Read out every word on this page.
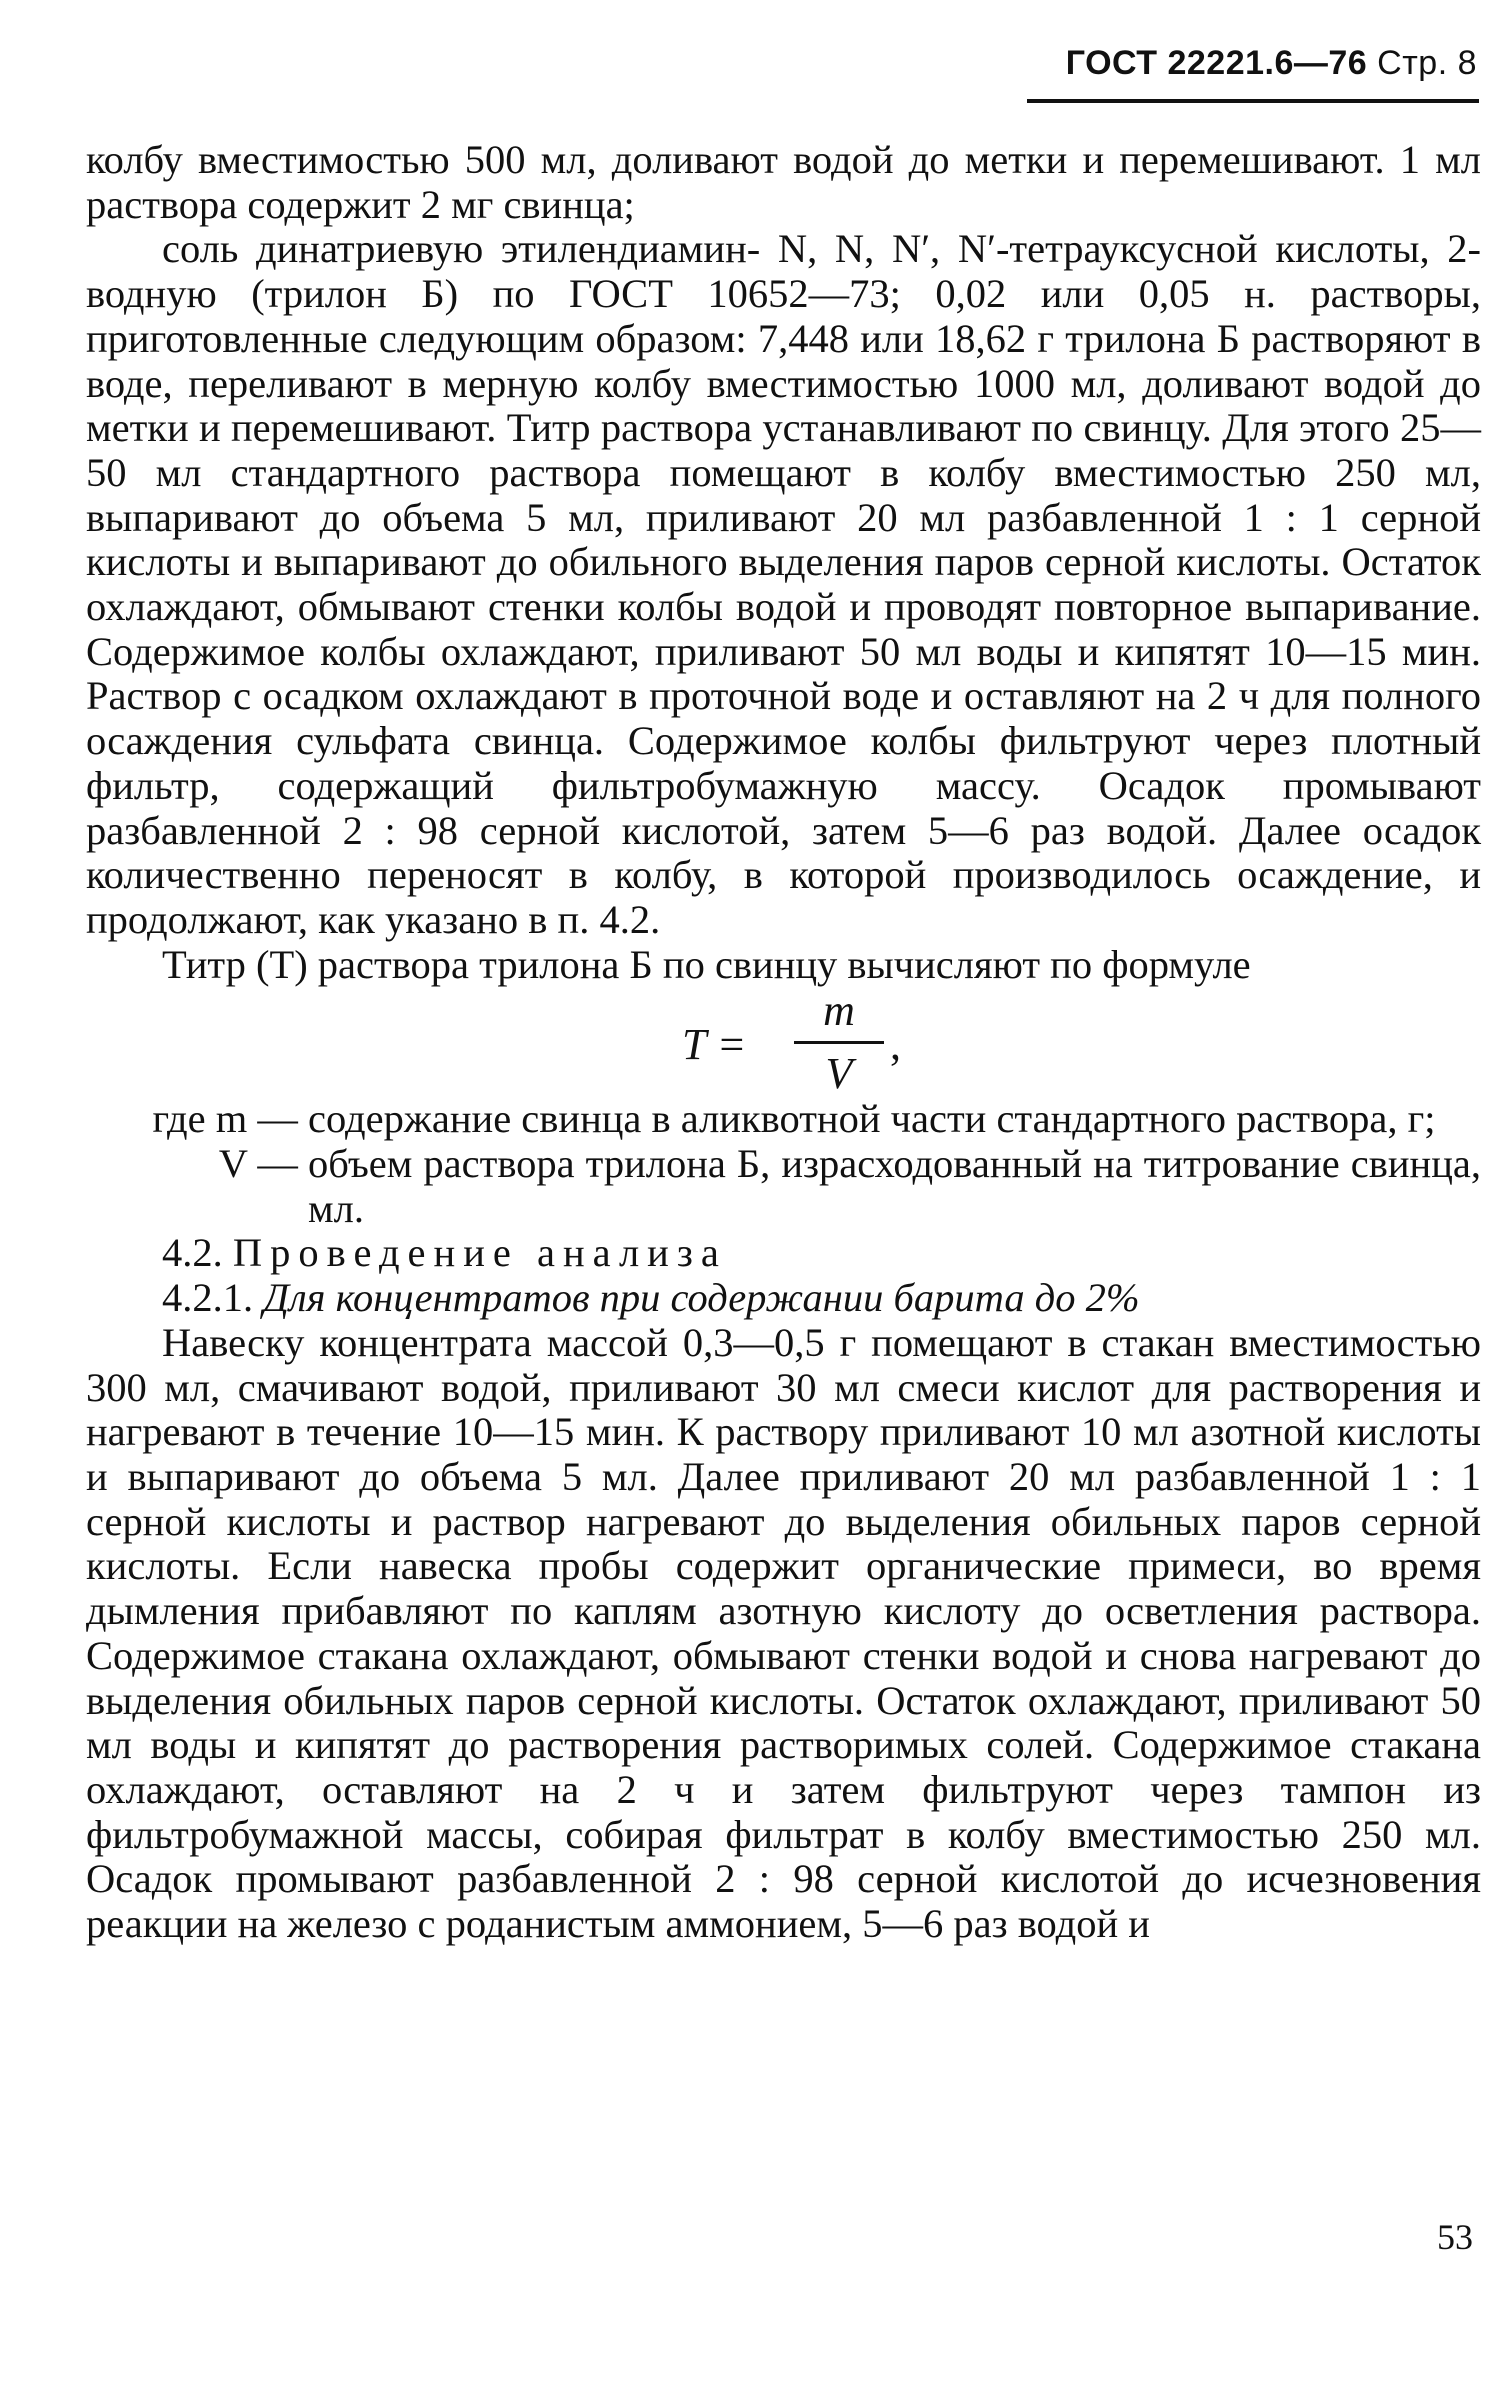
ГОСТ 22221.6—76 Стр. 8

колбу вместимостью 500 мл, доливают водой до метки и перемешивают. 1 мл раствора содержит 2 мг свинца;

соль динатриевую этилендиамин- N, N, N′, N′-тетрауксусной кислоты, 2-водную (трилон Б) по ГОСТ 10652—73; 0,02 или 0,05 н. растворы, приготовленные следующим образом: 7,448 или 18,62 г трилона Б растворяют в воде, переливают в мерную колбу вместимостью 1000 мл, доливают водой до метки и перемешивают. Титр раствора устанавливают по свинцу. Для этого 25—50 мл стандартного раствора помещают в колбу вместимостью 250 мл, выпаривают до объема 5 мл, приливают 20 мл разбавленной 1 : 1 серной кислоты и выпаривают до обильного выделения паров серной кислоты. Остаток охлаждают, обмывают стенки колбы водой и проводят повторное выпаривание. Содержимое колбы охлаждают, приливают 50 мл воды и кипятят 10—15 мин. Раствор с осадком охлаждают в проточной воде и оставляют на 2 ч для полного осаждения сульфата свинца. Содержимое колбы фильтруют через плотный фильтр, содержащий фильтробумажную массу. Осадок промывают разбавленной 2 : 98 серной кислотой, затем 5—6 раз водой. Далее осадок количественно переносят в колбу, в которой производилось осаждение, и продолжают, как указано в п. 4.2.

Титр (T) раствора трилона Б по свинцу вычисляют по формуле

T =
m
V
,
где m — содержание свинца в аликвотной части стандартного раствора, г;
V — объем раствора трилона Б, израсходованный на титрование свинца, мл.

4.2. Проведение анализа

4.2.1. Для концентратов при содержании барита до 2%

Навеску концентрата массой 0,3—0,5 г помещают в стакан вместимостью 300 мл, смачивают водой, приливают 30 мл смеси кислот для растворения и нагревают в течение 10—15 мин. К раствору приливают 10 мл азотной кислоты и выпаривают до объема 5 мл. Далее приливают 20 мл разбавленной 1 : 1 серной кислоты и раствор нагревают до выделения обильных паров серной кислоты. Если навеска пробы содержит органические примеси, во время дымления прибавляют по каплям азотную кислоту до осветления раствора. Содержимое стакана охлаждают, обмывают стенки водой и снова нагревают до выделения обильных паров серной кислоты. Остаток охлаждают, приливают 50 мл воды и кипятят до растворения растворимых солей. Содержимое стакана охлаждают, оставляют на 2 ч и затем фильтруют через тампон из фильтробумажной массы, собирая фильтрат в колбу вместимостью 250 мл. Осадок промывают разбавленной 2 : 98 серной кислотой до исчезновения реакции на железо с роданистым аммонием, 5—6 раз водой и

53
